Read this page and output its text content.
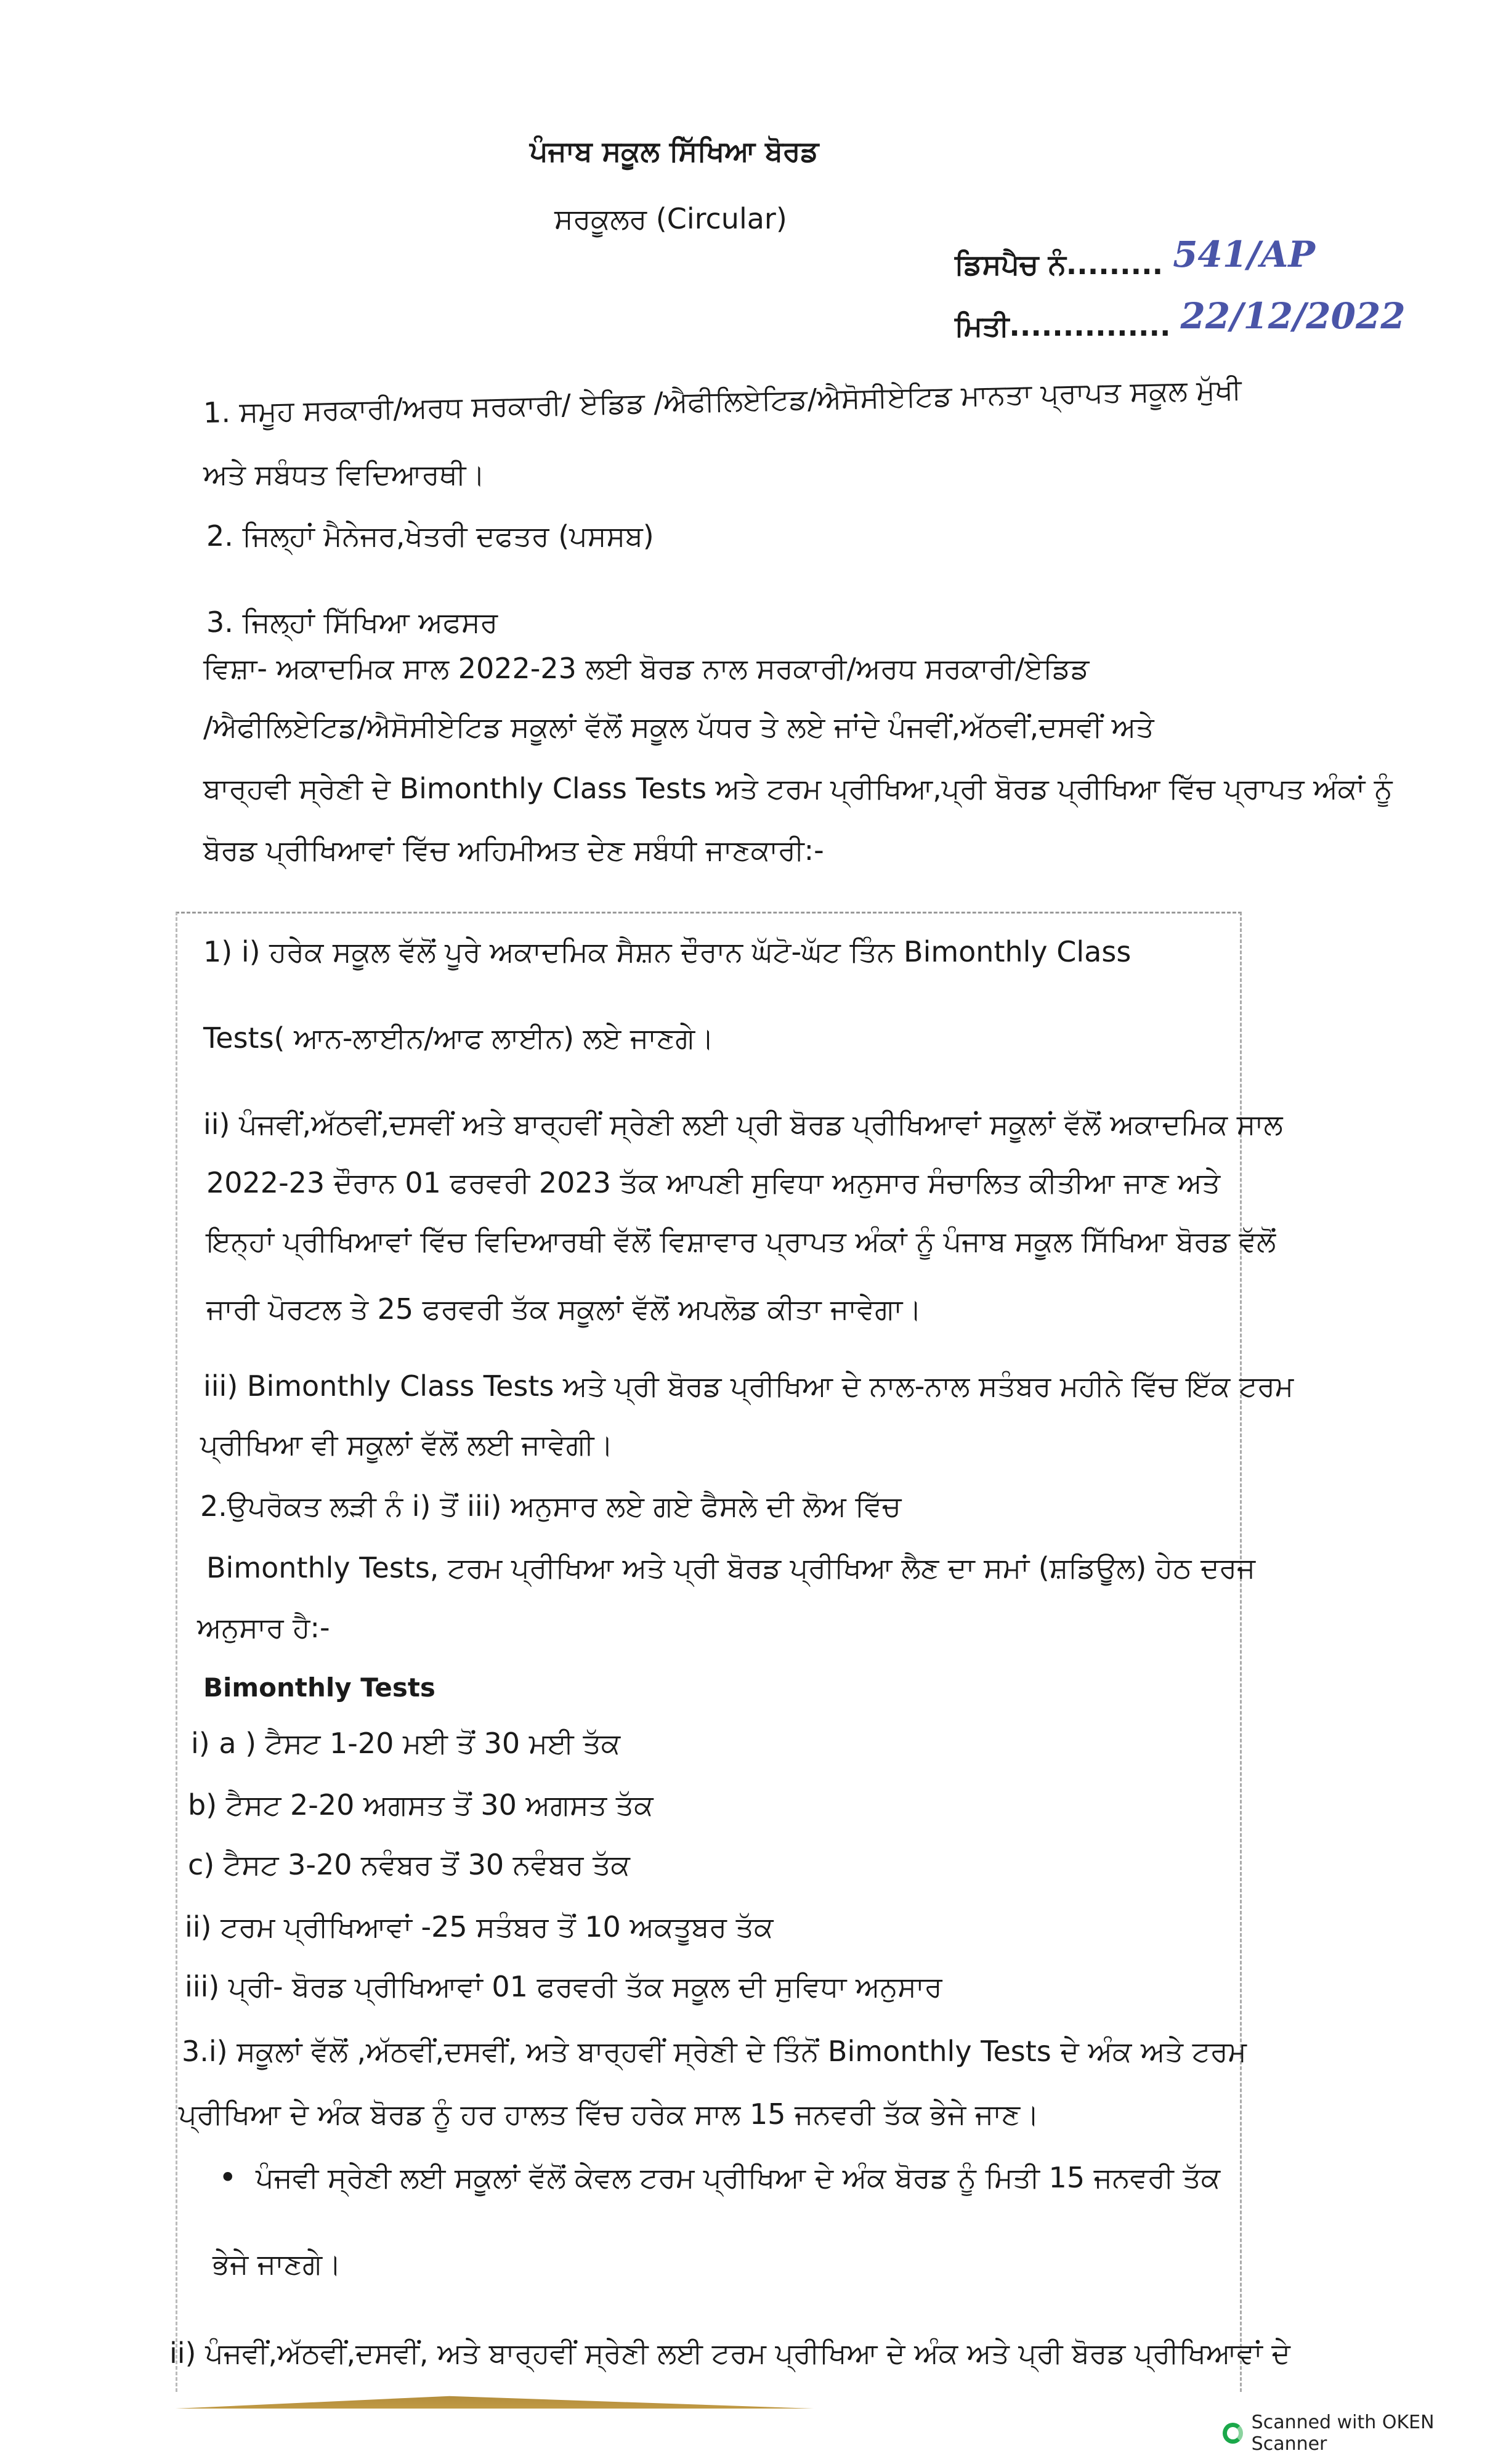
ਪੰਜਾਬ ਸਕੂਲ ਸਿੱਖਿਆ ਬੋਰਡ
ਸਰਕੂਲਰ (Circular)
ਡਿਸਪੈਚ ਨੰ......... 541/AP
ਮਿਤੀ............... 22/12/2022
1. ਸਮੂਹ ਸਰਕਾਰੀ/ਅਰਧ ਸਰਕਾਰੀ/ ਏਡਿਡ /ਐਫੀਲਿਏਟਿਡ/ਐਸੋਸੀਏਟਿਡ ਮਾਨਤਾ ਪ੍ਰਾਪਤ ਸਕੂਲ ਮੁੱਖੀ
ਅਤੇ ਸਬੰਧਤ ਵਿਦਿਆਰਥੀ।
2. ਜਿਲ੍ਹਾਂ ਮੈਨੇਜਰ,ਖੇਤਰੀ ਦਫਤਰ (ਪਸਸਬ)
3. ਜਿਲ੍ਹਾਂ ਸਿੱਖਿਆ ਅਫਸਰ
ਵਿਸ਼ਾ- ਅਕਾਦਮਿਕ ਸਾਲ 2022-23 ਲਈ ਬੋਰਡ ਨਾਲ ਸਰਕਾਰੀ/ਅਰਧ ਸਰਕਾਰੀ/ਏਡਿਡ
/ਐਫੀਲਿਏਟਿਡ/ਐਸੋਸੀਏਟਿਡ ਸਕੂਲਾਂ ਵੱਲੋਂ ਸਕੂਲ ਪੱਧਰ ਤੇ ਲਏ ਜਾਂਦੇ ਪੰਜਵੀਂ,ਅੱਠਵੀਂ,ਦਸਵੀਂ ਅਤੇ
ਬਾਰ੍ਹਵੀ ਸ੍ਰੇਣੀ ਦੇ Bimonthly Class Tests ਅਤੇ ਟਰਮ ਪ੍ਰੀਖਿਆ,ਪ੍ਰੀ ਬੋਰਡ ਪ੍ਰੀਖਿਆ ਵਿੱਚ ਪ੍ਰਾਪਤ ਅੰਕਾਂ ਨੂੰ
ਬੋਰਡ ਪ੍ਰੀਖਿਆਵਾਂ ਵਿੱਚ ਅਹਿਮੀਅਤ ਦੇਣ ਸਬੰਧੀ ਜਾਣਕਾਰੀ:-
1) i) ਹਰੇਕ ਸਕੂਲ ਵੱਲੋਂ ਪੂਰੇ ਅਕਾਦਮਿਕ ਸੈਸ਼ਨ ਦੌਰਾਨ ਘੱਟੋ-ਘੱਟ ਤਿੰਨ Bimonthly Class
Tests( ਆਨ-ਲਾਈਨ/ਆਫ ਲਾਈਨ) ਲਏ ਜਾਣਗੇ।
ii) ਪੰਜਵੀਂ,ਅੱਠਵੀਂ,ਦਸਵੀਂ ਅਤੇ ਬਾਰ੍ਹਵੀਂ ਸ੍ਰੇਣੀ ਲਈ ਪ੍ਰੀ ਬੋਰਡ ਪ੍ਰੀਖਿਆਵਾਂ ਸਕੂਲਾਂ ਵੱਲੋਂ ਅਕਾਦਮਿਕ ਸਾਲ
2022-23 ਦੌਰਾਨ 01 ਫਰਵਰੀ 2023 ਤੱਕ ਆਪਣੀ ਸੁਵਿਧਾ ਅਨੁਸਾਰ ਸੰਚਾਲਿਤ ਕੀਤੀਆ ਜਾਣ ਅਤੇ
ਇਨ੍ਹਾਂ ਪ੍ਰੀਖਿਆਵਾਂ ਵਿੱਚ ਵਿਦਿਆਰਥੀ ਵੱਲੋਂ ਵਿਸ਼ਾਵਾਰ ਪ੍ਰਾਪਤ ਅੰਕਾਂ ਨੂੰ ਪੰਜਾਬ ਸਕੂਲ ਸਿੱਖਿਆ ਬੋਰਡ ਵੱਲੋਂ
ਜਾਰੀ ਪੋਰਟਲ ਤੇ 25 ਫਰਵਰੀ ਤੱਕ ਸਕੂਲਾਂ ਵੱਲੋਂ ਅਪਲੋਡ ਕੀਤਾ ਜਾਵੇਗਾ।
iii) Bimonthly Class Tests ਅਤੇ ਪ੍ਰੀ ਬੋਰਡ ਪ੍ਰੀਖਿਆ ਦੇ ਨਾਲ-ਨਾਲ ਸਤੰਬਰ ਮਹੀਨੇ ਵਿੱਚ ਇੱਕ ਟਰਮ
ਪ੍ਰੀਖਿਆ ਵੀ ਸਕੂਲਾਂ ਵੱਲੋਂ ਲਈ ਜਾਵੇਗੀ।
2.ਉਪਰੋਕਤ ਲੜੀ ਨੰ i) ਤੋਂ iii) ਅਨੁਸਾਰ ਲਏ ਗਏ ਫੈਸਲੇ ਦੀ ਲੋਅ ਵਿੱਚ
Bimonthly Tests, ਟਰਮ ਪ੍ਰੀਖਿਆ ਅਤੇ ਪ੍ਰੀ ਬੋਰਡ ਪ੍ਰੀਖਿਆ ਲੈਣ ਦਾ ਸਮਾਂ (ਸ਼ਡਿਊਲ) ਹੇਠ ਦਰਜ
ਅਨੁਸਾਰ ਹੈ:-
Bimonthly Tests
i) a ) ਟੈਸਟ 1-20 ਮਈ ਤੋਂ 30 ਮਈ ਤੱਕ
b) ਟੈਸਟ 2-20 ਅਗਸਤ ਤੋਂ 30 ਅਗਸਤ ਤੱਕ
c) ਟੈਸਟ 3-20 ਨਵੰਬਰ ਤੋਂ 30 ਨਵੰਬਰ ਤੱਕ
ii) ਟਰਮ ਪ੍ਰੀਖਿਆਵਾਂ -25 ਸਤੰਬਰ ਤੋਂ 10 ਅਕਤੂਬਰ ਤੱਕ
iii) ਪ੍ਰੀ- ਬੋਰਡ ਪ੍ਰੀਖਿਆਵਾਂ 01 ਫਰਵਰੀ ਤੱਕ ਸਕੂਲ ਦੀ ਸੁਵਿਧਾ ਅਨੁਸਾਰ
3.i) ਸਕੂਲਾਂ ਵੱਲੋਂ ,ਅੱਠਵੀਂ,ਦਸਵੀਂ, ਅਤੇ ਬਾਰ੍ਹਵੀਂ ਸ੍ਰੇਣੀ ਦੇ ਤਿੰਨੋਂ Bimonthly Tests ਦੇ ਅੰਕ ਅਤੇ ਟਰਮ
ਪ੍ਰੀਖਿਆ ਦੇ ਅੰਕ ਬੋਰਡ ਨੂੰ ਹਰ ਹਾਲਤ ਵਿੱਚ ਹਰੇਕ ਸਾਲ 15 ਜਨਵਰੀ ਤੱਕ ਭੇਜੇ ਜਾਣ।
• ਪੰਜਵੀ ਸ੍ਰੇਣੀ ਲਈ ਸਕੂਲਾਂ ਵੱਲੋਂ ਕੇਵਲ ਟਰਮ ਪ੍ਰੀਖਿਆ ਦੇ ਅੰਕ ਬੋਰਡ ਨੂੰ ਮਿਤੀ 15 ਜਨਵਰੀ ਤੱਕ
ਭੇਜੇ ਜਾਣਗੇ।
ii) ਪੰਜਵੀਂ,ਅੱਠਵੀਂ,ਦਸਵੀਂ, ਅਤੇ ਬਾਰ੍ਹਵੀਂ ਸ੍ਰੇਣੀ ਲਈ ਟਰਮ ਪ੍ਰੀਖਿਆ ਦੇ ਅੰਕ ਅਤੇ ਪ੍ਰੀ ਬੋਰਡ ਪ੍ਰੀਖਿਆਵਾਂ ਦੇ
Scanned with OKEN Scanner
